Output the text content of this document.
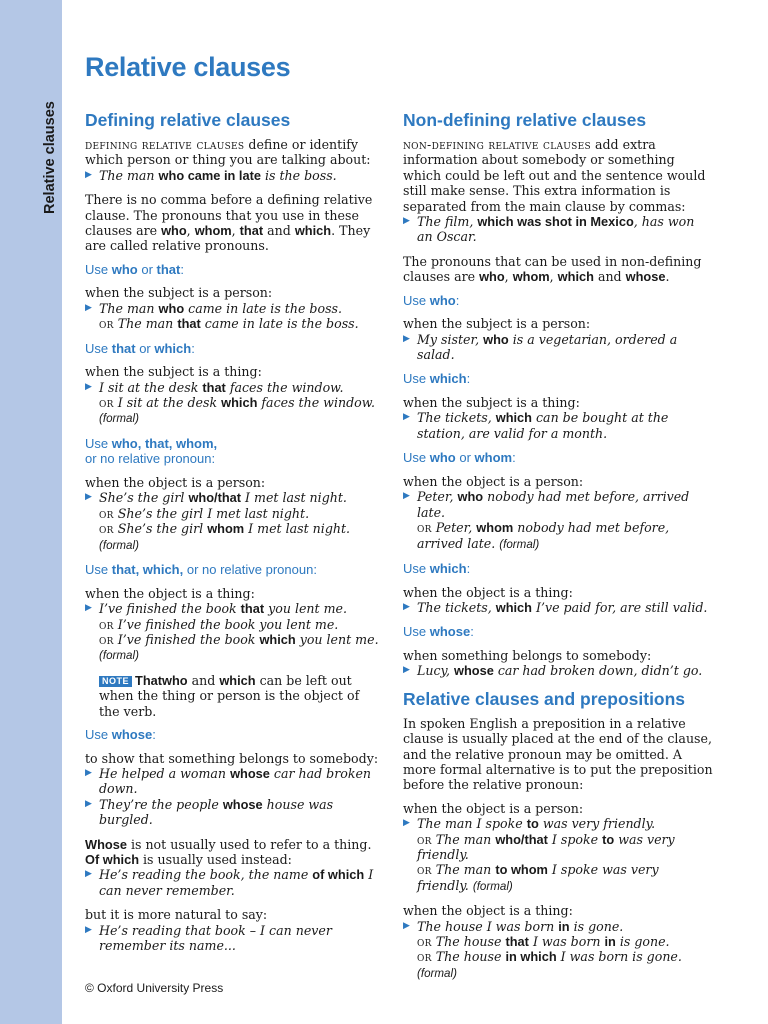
Relative clauses
Relative clauses
Defining relative clauses

defining relative clauses define or identify which person or thing you are talking about:

▶ The man who came in late is the boss.

There is no comma before a defining relative clause. The pronouns that you use in these clauses are who, whom, that and which. They are called relative pronouns.

Use who or that:
when the subject is a person:
▶ The man who came in late is the boss.
or The man that came in late is the boss.
Use that or which:
when the subject is a thing:
▶ I sit at the desk that faces the window.
or I sit at the desk which faces the window.
(formal)
Use who, that, whom,
or no relative pronoun:
when the object is a person:
▶ She’s the girl who/that I met last night.
or She’s the girl I met last night.
or She’s the girl whom I met last night.
(formal)
Use that, which, or no relative pronoun:
when the object is a thing:
▶ I’ve finished the book that you lent me.
or I’ve finished the book you lent me.
or I’ve finished the book which you lent me.
(formal)
NOTE Thatwho and which can be left out when the thing or person is the object of the verb.
Use whose:
to show that something belongs to somebody:
▶ He helped a woman whose car had broken down.
▶ They’re the people whose house was burgled.

Whose is not usually used to refer to a thing. Of which is usually used instead:

▶ He’s reading the book, the name of which I can never remember.
but it is more natural to say:
▶ He’s reading that book – I can never remember its name...
Non-defining relative clauses

non-defining relative clauses add extra information about somebody or something which could be left out and the sentence would still make sense. This extra information is separated from the main clause by commas:

▶ The film, which was shot in Mexico, has won an Oscar.

The pronouns that can be used in non-defining clauses are who, whom, which and whose.

Use who:
when the subject is a person:
▶ My sister, who is a vegetarian, ordered a salad.
Use which:
when the subject is a thing:
▶ The tickets, which can be bought at the station, are valid for a month.
Use who or whom:
when the object is a person:
▶ Peter, who nobody had met before, arrived late.
or Peter, whom nobody had met before, arrived late. (formal)
Use which:
when the object is a thing:
▶ The tickets, which I’ve paid for, are still valid.
Use whose:
when something belongs to somebody:
▶ Lucy, whose car had broken down, didn’t go.
Relative clauses and prepositions

In spoken English a preposition in a relative clause is usually placed at the end of the clause, and the relative pronoun may be omitted. A more formal alternative is to put the preposition before the relative pronoun:

when the object is a person:
▶ The man I spoke to was very friendly.
or The man who/that I spoke to was very friendly.
or The man to whom I spoke was very friendly. (formal)
when the object is a thing:
▶ The house I was born in is gone.
or The house that I was born in is gone.
or The house in which I was born is gone.
(formal)
© Oxford University Press
